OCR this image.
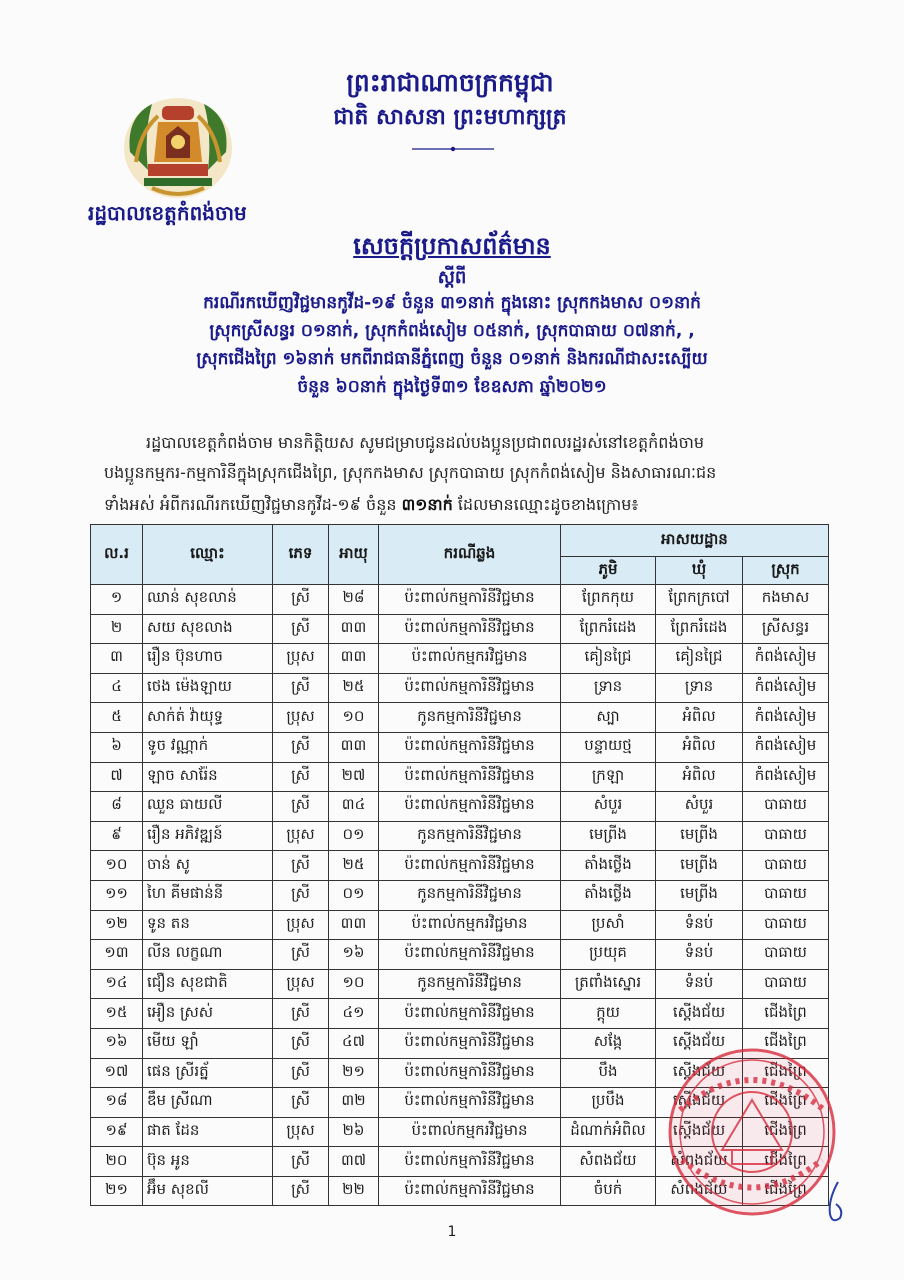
ព្រះរាជាណាចក្រកម្ពុជា
ជាតិ សាសនា ព្រះមហាក្សត្រ
រដ្ឋបាលខេត្តកំពង់ចាម
សេចក្ដីប្រកាសព័ត៌មាន
ស្ដីពី
ករណីរកឃើញវិជ្ជមានកូវីដ-១៩ ចំនួន ៣១នាក់ ក្នុងនោះ ស្រុកកងមាស ០១នាក់
ស្រុកស្រីសន្ធរ ០១នាក់, ស្រុកកំពង់សៀម ០៥នាក់, ស្រុកបាធាយ ០៧នាក់, ,
ស្រុកជើងព្រៃ ១៦នាក់ មកពីរាជធានីភ្នំពេញ ចំនួន ០១នាក់ និងករណីជាសះស្បើយ
ចំនួន ៦០នាក់ ក្នុងថ្ងៃទី៣១ ខែឧសភា ឆ្នាំ២០២១
រដ្ឋបាលខេត្តកំពង់ចាម មានកិត្តិយស សូមជម្រាបជូនដល់បងប្អូនប្រជាពលរដ្ឋរស់នៅខេត្តកំពង់ចាម
បងប្អូនកម្មករ-កម្មការិនីក្នុងស្រុកជើងព្រៃ, ស្រុកកងមាស ស្រុកបាធាយ ស្រុកកំពង់សៀម និងសាធារណៈជន
ទាំងអស់ អំពីករណីរកឃើញវិជ្ជមានកូវីដ-១៩ ចំនួន ៣១នាក់ ដែលមានឈ្មោះដូចខាងក្រោម៖
ល.រ	ឈ្មោះ	ភេទ	អាយុ	ករណីឆ្លង	អាសយដ្ឋាន		
					ភូមិ	ឃុំ	ស្រុក
១	ឈាន់ សុខលាន់	ស្រី	២៨	ប៉ះពាល់កម្មការិនីវិជ្ជមាន	ព្រែកកុយ	ព្រែកក្របៅ	កងមាស
២	សយ សុខលាង	ស្រី	៣៣	ប៉ះពាល់កម្មការិនីវិជ្ជមាន	ព្រែករំដេង	ព្រែករំដេង	ស្រីសន្ធរ
៣	រឿន ប៊ុនហាច	ប្រុស	៣៣	ប៉ះពាល់កម្មករវិជ្ជមាន	គៀនជ្រៃ	គៀនជ្រៃ	កំពង់សៀម
៤	ថេង ម៉េងឡាយ	ស្រី	២៥	ប៉ះពាល់កម្មការិនីវិជ្ជមាន	ទ្រាន	ទ្រាន	កំពង់សៀម
៥	សាក់ត់ វ៉ាយុទ្ធ	ប្រុស	១០	កូនកម្មការិនីវិជ្ជមាន	ស្បា	អំពិល	កំពង់សៀម
៦	ទូច វណ្ណាក់	ស្រី	៣៣	ប៉ះពាល់កម្មការិនីវិជ្ជមាន	បន្ទាយថ្ម	អំពិល	កំពង់សៀម
៧	ឡាច សារ៉ែន	ស្រី	២៧	ប៉ះពាល់កម្មការិនីវិជ្ជមាន	ក្រឡា	អំពិល	កំពង់សៀម
៨	ឈួន ធាយលី	ស្រី	៣៤	ប៉ះពាល់កម្មការិនីវិជ្ជមាន	សំបួរ	សំបួរ	បាធាយ
៩	រឿន អភិវឌ្ឍន៍	ប្រុស	០១	កូនកម្មការិនីវិជ្ជមាន	មេព្រីង	មេព្រីង	បាធាយ
១០	ចាន់ សូ	ស្រី	២៥	ប៉ះពាល់កម្មការិនីវិជ្ជមាន	តាំងថ្លើង	មេព្រីង	បាធាយ
១១	ហៃ គីមផាន់នី	ស្រី	០១	កូនកម្មការិនីវិជ្ជមាន	តាំងថ្លើង	មេព្រីង	បាធាយ
១២	ទូន តន	ប្រុស	៣៣	ប៉ះពាល់កម្មករវិជ្ជមាន	ប្រសាំ	ទំនប់	បាធាយ
១៣	លីន លក្ខណា	ស្រី	១៦	ប៉ះពាល់កម្មការិនីវិជ្ជមាន	ប្រយុគ	ទំនប់	បាធាយ
១៤	ជឿន សុខជាតិ	ប្រុស	១០	កូនកម្មការិនីវិជ្ជមាន	ត្រពាំងស្នោរ	ទំនប់	បាធាយ
១៥	អឿន ស្រស់	ស្រី	៤១	ប៉ះពាល់កម្មការិនីវិជ្ជមាន	ក្ដុយ	ស្ដើងជ័យ	ជើងព្រៃ
១៦	មើយ ឡាំ	ស្រី	៤៧	ប៉ះពាល់កម្មការិនីវិជ្ជមាន	សង្កែ	ស្ដើងជ័យ	ជើងព្រៃ
១៧	ផេន ស្រីរត្ន័	ស្រី	២១	ប៉ះពាល់កម្មការិនីវិជ្ជមាន	បឹង	ស្ដើងជ័យ	ជើងព្រៃ
១៨	ឌឹម ស្រីណា	ស្រី	៣២	ប៉ះពាល់កម្មការិនីវិជ្ជមាន	ប្របឹង	ស្ដើងជ័យ	ជើងព្រៃ
១៩	ផាត ដែន	ប្រុស	២៦	ប៉ះពាល់កម្មករវិជ្ជមាន	ដំណាក់អំពិល	ស្ដើងជ័យ	ជើងព្រៃ
២០	ប៊ុន អូន	ស្រី	៣៧	ប៉ះពាល់កម្មការិនីវិជ្ជមាន	សំពងជ័យ	សំពងជ័យ	ជើងព្រៃ
២១	អ៊ឹម សុខលី	ស្រី	២២	ប៉ះពាល់កម្មការិនីវិជ្ជមាន	ចំបក់	សំពងជ័យ	ជើងព្រៃ
1
